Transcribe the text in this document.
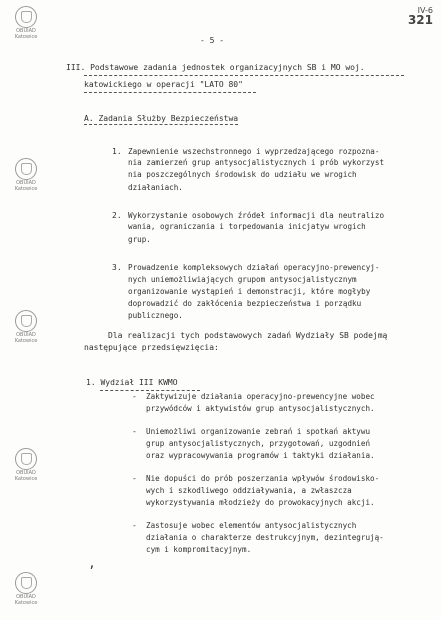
OBUIAD Katowice
OBUIAD Katowice
OBUIAD Katowice
OBUIAD Katowice
OBUIAD Katowice
IV-6
321
- 5 -
III. Podstawowe zadania jednostek organizacyjnych SB i MO woj.
katowickiego w operacji "LATO 80"
A. Zadania Służby Bezpieczeństwa
1. Zapewnienie wszechstronnego i wyprzedzającego rozpozna-
nia zamierzeń grup antysocjalistycznych i prób wykorzyst
nia poszczególnych środowisk do udziału we wrogich
działaniach.
2. Wykorzystanie osobowych źródeł informacji dla neutralizo
wania, ograniczania i torpedowania inicjatyw wrogich
grup.
3. Prowadzenie kompleksowych działań operacyjno-prewencyj-
nych uniemożliwiających grupom antysocjalistycznym
organizowanie wystąpień i demonstracji, które mogłyby
doprowadzić do zakłócenia bezpieczeństwa i porządku
publicznego.
Dla realizacji tych podstawowych zadań Wydziały SB podejmą
następujące przedsięwzięcia:
1. Wydział III KWMO
- Zaktywizuje działania operacyjno-prewencyjne wobec
przywódców i aktywistów grup antysocjalistycznych.
- Uniemożliwi organizowanie zebrań i spotkań aktywu
grup antysocjalistycznych, przygotowań, uzgodnień
oraz wypracowywania programów i taktyki działania.
- Nie dopuści do prób poszerzania wpływów środowisko-
wych i szkodliwego oddziaływania, a zwłaszcza
wykorzystywania młodzieży do prowokacyjnych akcji.
- Zastosuje wobec elementów antysocjalistycznych
działania o charakterze destrukcyjnym, dezintegrują-
cym i kompromitacyjnym.
ʼ
